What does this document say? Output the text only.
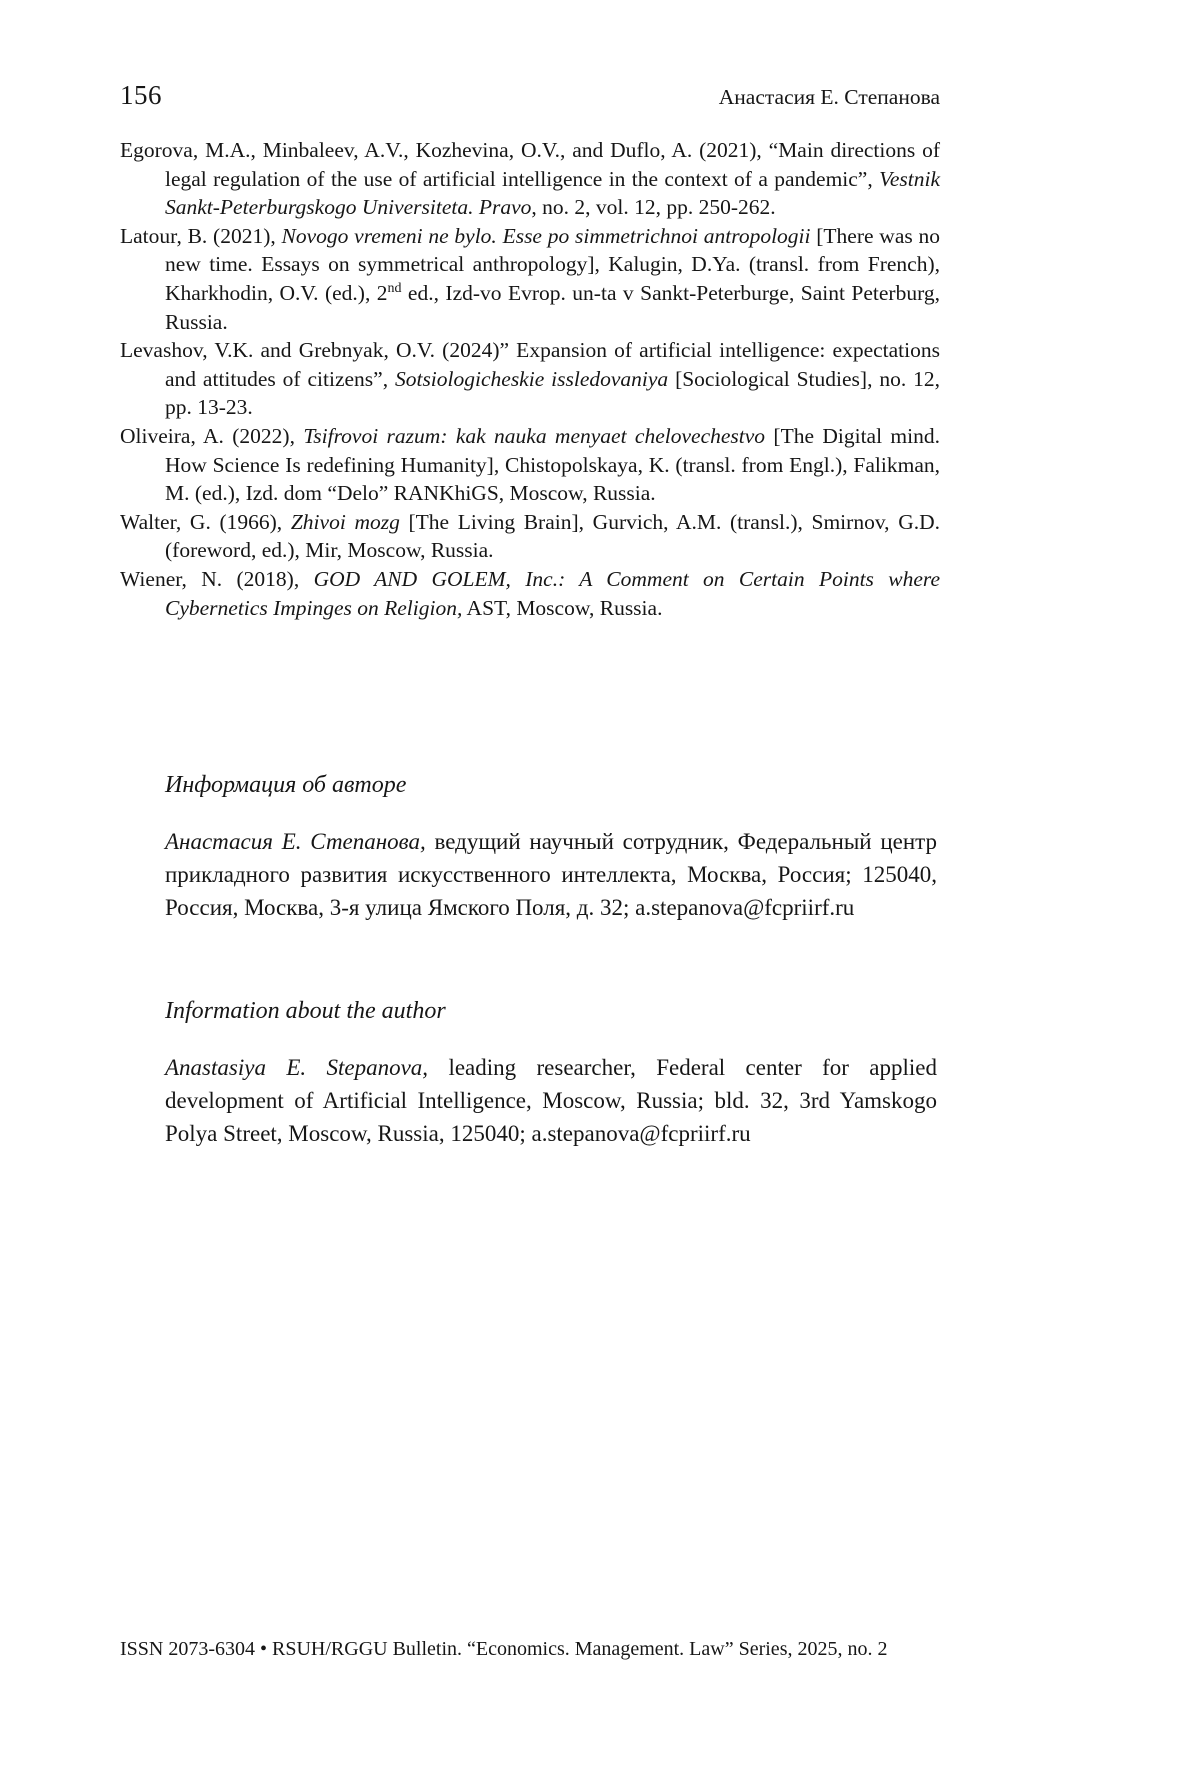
156	Анастасия Е. Степанова

Egorova, M.A., Minbaleev, A.V., Kozhevina, O.V., and Duflo, A. (2021), “Main directions of legal regulation of the use of artificial intelligence in the context of a pandemic”, Vestnik Sankt-Peterburgskogo Universiteta. Pravo, no. 2, vol. 12, pp. 250-262.

Latour, B. (2021), Novogo vremeni ne bylo. Esse po simmetrichnoi antropologii [There was no new time. Essays on symmetrical anthropology], Kalugin, D.Ya. (transl. from French), Kharkhodin, O.V. (ed.), 2nd ed., Izd-vo Evrop. un-ta v Sankt-Peterburge, Saint Peterburg, Russia.

Levashov, V.K. and Grebnyak, O.V. (2024)” Expansion of artificial intelligence: expectations and attitudes of citizens”, Sotsiologicheskie issledovaniya [Sociological Studies], no. 12, pp. 13-23.

Oliveira, A. (2022), Tsifrovoi razum: kak nauka menyaet chelovechestvo [The Digital mind. How Science Is redefining Humanity], Chistopolskaya, K. (transl. from Engl.), Falikman, M. (ed.), Izd. dom “Delo” RANKhiGS, Moscow, Russia.

Walter, G. (1966), Zhivoi mozg [The Living Brain], Gurvich, A.M. (transl.), Smirnov, G.D. (foreword, ed.), Mir, Moscow, Russia.

Wiener, N. (2018), GOD AND GOLEM, Inc.: A Comment on Certain Points where Cybernetics Impinges on Religion, AST, Moscow, Russia.

Информация об авторе

Анастасия Е. Степанова, ведущий научный сотрудник, Федеральный центр прикладного развития искусственного интеллекта, Москва, Россия; 125040, Россия, Москва, 3-я улица Ямского Поля, д. 32; a.stepanova@fcpriirf.ru

Information about the author

Anastasiya E. Stepanova, leading researcher, Federal center for applied development of Artificial Intelligence, Moscow, Russia; bld. 32, 3rd Yamskogo Polya Street, Moscow, Russia, 125040; a.stepanova@fcpriirf.ru

ISSN 2073-6304 • RSUH/RGGU Bulletin. “Economics. Management. Law” Series, 2025, no. 2
